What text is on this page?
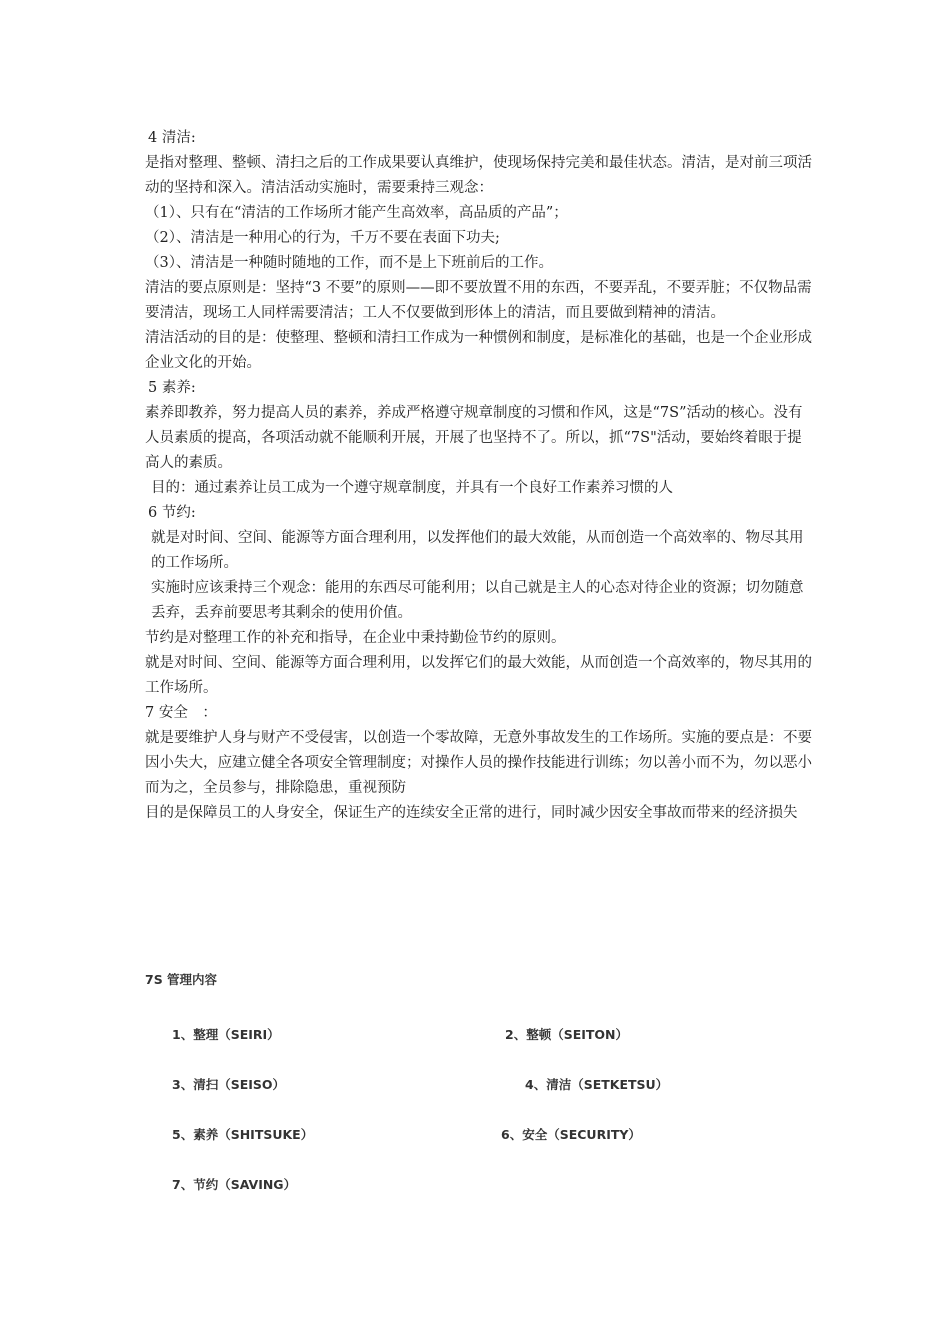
4 清洁:

是指对整理、整顿、清扫之后的工作成果要认真维护，使现场保持完美和最佳状态。清洁，是对前三项活动的坚持和深入。清洁活动实施时，需要秉持三观念：

（1）、只有在“清洁的工作场所才能产生高效率，高品质的产品”；

（2）、清洁是一种用心的行为，千万不要在表面下功夫;

（3）、清洁是一种随时随地的工作，而不是上下班前后的工作。

清洁的要点原则是：坚持“3 不要”的原则——即不要放置不用的东西，不要弄乱，不要弄脏；不仅物品需要清洁，现场工人同样需要清洁；工人不仅要做到形体上的清洁，而且要做到精神的清洁。

清洁活动的目的是：使整理、整顿和清扫工作成为一种惯例和制度，是标准化的基础，也是一个企业形成企业文化的开始。

5 素养:

素养即教养，努力提高人员的素养，养成严格遵守规章制度的习惯和作风，这是“7S”活动的核心。没有人员素质的提高，各项活动就不能顺利开展，开展了也坚持不了。所以，抓“7S"活动，要始终着眼于提高人的素质。

目的：通过素养让员工成为一个遵守规章制度，并具有一个良好工作素养习惯的人

6 节约:

就是对时间、空间、能源等方面合理利用，以发挥他们的最大效能，从而创造一个高效率的、物尽其用的工作场所。

实施时应该秉持三个观念：能用的东西尽可能利用；以自己就是主人的心态对待企业的资源；切勿随意丢弃，丢弃前要思考其剩余的使用价值。

节约是对整理工作的补充和指导，在企业中秉持勤俭节约的原则。

就是对时间、空间、能源等方面合理利用，以发挥它们的最大效能，从而创造一个高效率的，物尽其用的工作场所。

7 安全　：

就是要维护人身与财产不受侵害，以创造一个零故障，无意外事故发生的工作场所。实施的要点是：不要因小失大，应建立健全各项安全管理制度；对操作人员的操作技能进行训练；勿以善小而不为，勿以恶小而为之，全员参与，排除隐患，重视预防

目的是保障员工的人身安全，保证生产的连续安全正常的进行，同时减少因安全事故而带来的经济损失

7S 管理内容
1、整理（SEIRI）	2、整顿（SEITON）
3、清扫（SEISO）	4、清洁（SETKETSU）
5、素养（SHITSUKE）	6、安全（SECURITY）
7、节约（SAVING）
